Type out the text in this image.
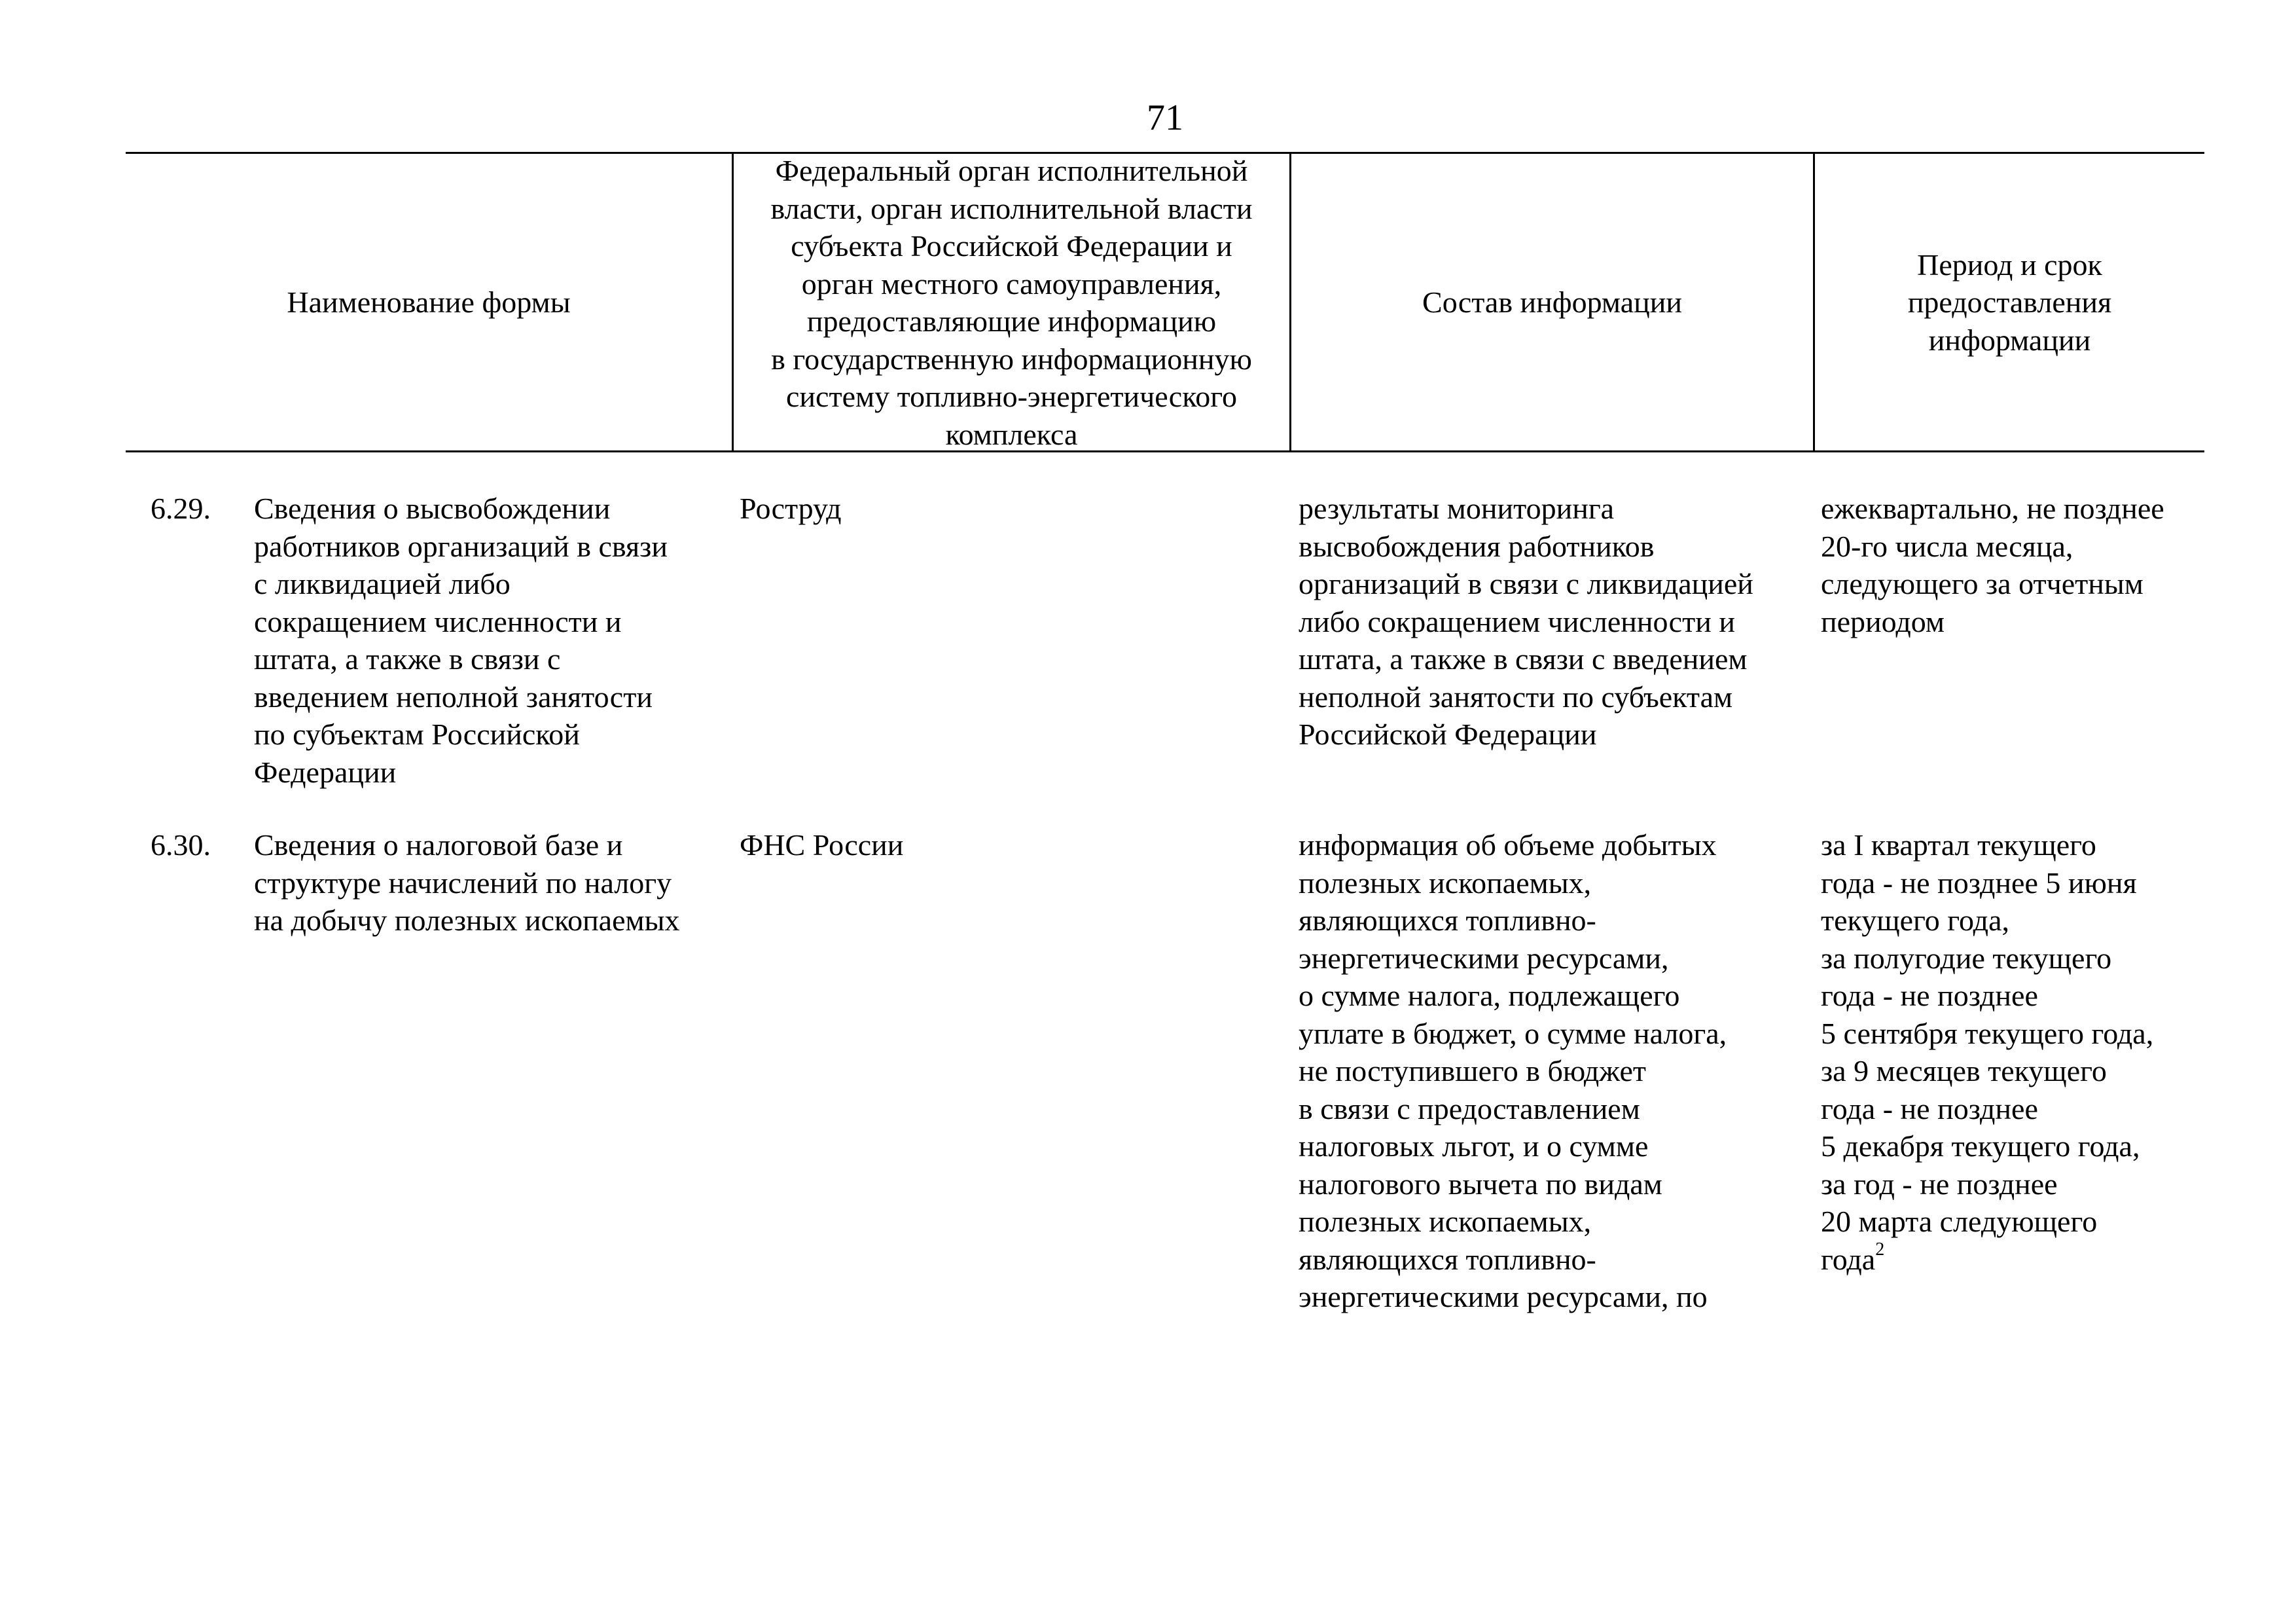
71
Наименование формы
Федеральный орган исполнительной
власти, орган исполнительной власти
субъекта Российской Федерации и
орган местного самоуправления,
предоставляющие информацию
в государственную информационную
систему топливно-энергетического
комплекса
Состав информации
Период и срок
предоставления
информации
6.29. Сведения о высвобождении
работников организаций в связи
с ликвидацией либо
сокращением численности и
штата, а также в связи с
введением неполной занятости
по субъектам Российской
Федерации
Роструд	результаты мониторинга
высвобождения работников
организаций в связи с ликвидацией
либо сокращением численности и
штата, а также в связи с введением
неполной занятости по субъектам
Российской Федерации
ежеквартально, не позднее
20-го числа месяца,
следующего за отчетным
периодом
6.30. Сведения о налоговой базе и
структуре начислений по налогу
на добычу полезных ископаемых
ФНС России	информация об объеме добытых
полезных ископаемых,
являющихся топливно-
энергетическими ресурсами,
о сумме налога, подлежащего
уплате в бюджет, о сумме налога,
не поступившего в бюджет
в связи с предоставлением
налоговых льгот, и о сумме
налогового вычета по видам
полезных ископаемых,
являющихся топливно-
энергетическими ресурсами, по
за I квартал текущего
года - не позднее 5 июня
текущего года,
за полугодие текущего
года - не позднее
5 сентября текущего года,
за 9 месяцев текущего
года - не позднее
5 декабря текущего года,
за год - не позднее
20 марта следующего
года$^2$
